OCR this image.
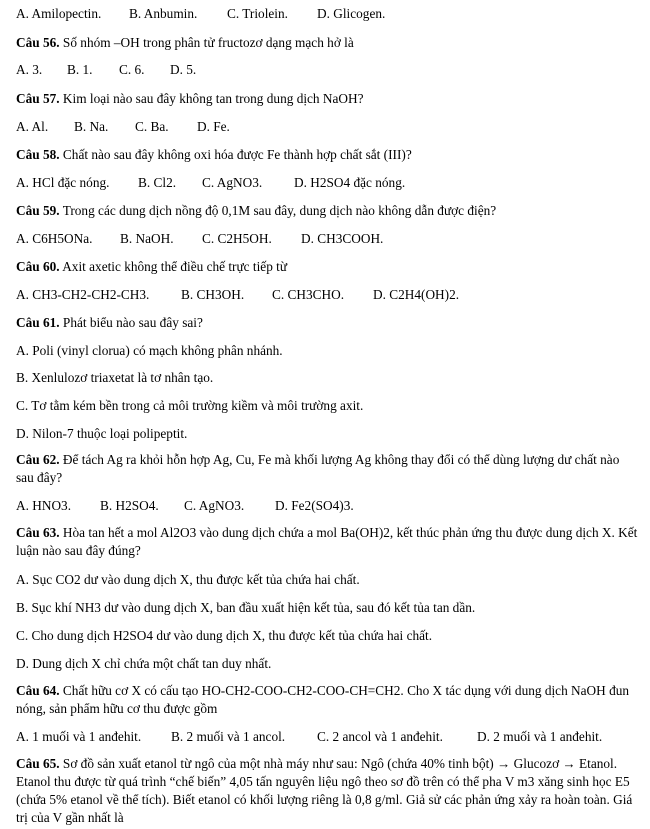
A. Amilopectin. B. Anbumin. C. Triolein. D. Glicogen.
Câu 56. Số nhóm –OH trong phân tử fructozơ dạng mạch hở là
A. 3. B. 1. C. 6. D. 5.
Câu 57. Kim loại nào sau đây không tan trong dung dịch NaOH?
A. Al. B. Na. C. Ba. D. Fe.
Câu 58. Chất nào sau đây không oxi hóa được Fe thành hợp chất sắt (III)?
A. HCl đặc nóng. B. Cl2. C. AgNO3. D. H2SO4 đặc nóng.
Câu 59. Trong các dung dịch nồng độ 0,1M sau đây, dung dịch nào không dẫn được điện?
A. C6H5ONa. B. NaOH. C. C2H5OH. D. CH3COOH.
Câu 60. Axit axetic không thể điều chế trực tiếp từ
A. CH3-CH2-CH2-CH3. B. CH3OH. C. CH3CHO. D. C2H4(OH)2.
Câu 61. Phát biểu nào sau đây sai?
A. Poli (vinyl clorua) có mạch không phân nhánh.
B. Xenlulozơ triaxetat là tơ nhân tạo.
C. Tơ tằm kém bền trong cả môi trường kiềm và môi trường axit.
D. Nilon-7 thuộc loại polipeptit.
Câu 62. Để tách Ag ra khỏi hỗn hợp Ag, Cu, Fe mà khối lượng Ag không thay đổi có thể dùng lượng dư chất nào sau đây?
A. HNO3. B. H2SO4. C. AgNO3. D. Fe2(SO4)3.
Câu 63. Hòa tan hết a mol Al2O3 vào dung dịch chứa a mol Ba(OH)2, kết thúc phản ứng thu được dung dịch X. Kết luận nào sau đây đúng?
A. Sục CO2 dư vào dung dịch X, thu được kết tủa chứa hai chất.
B. Sục khí NH3 dư vào dung dịch X, ban đầu xuất hiện kết tủa, sau đó kết tủa tan dần.
C. Cho dung dịch H2SO4 dư vào dung dịch X, thu được kết tủa chứa hai chất.
D. Dung dịch X chỉ chứa một chất tan duy nhất.
Câu 64. Chất hữu cơ X có cấu tạo HO-CH2-COO-CH2-COO-CH=CH2. Cho X tác dụng với dung dịch NaOH đun nóng, sản phẩm hữu cơ thu được gồm
A. 1 muối và 1 anđehit. B. 2 muối và 1 ancol. C. 2 ancol và 1 anđehit.	D. 2 muối và 1 anđehit.
Câu 65. Sơ đồ sản xuất etanol từ ngô của một nhà máy như sau: Ngô (chứa 40% tinh bột) → Glucozơ → Etanol. Etanol thu được từ quá trình “chế biến” 4,05 tấn nguyên liệu ngô theo sơ đồ trên có thể pha V m3 xăng sinh học E5 (chứa 5% etanol về thể tích). Biết etanol có khối lượng riêng là 0,8 g/ml. Giả sử các phản ứng xảy ra hoàn toàn. Giá trị của V gần nhất là
